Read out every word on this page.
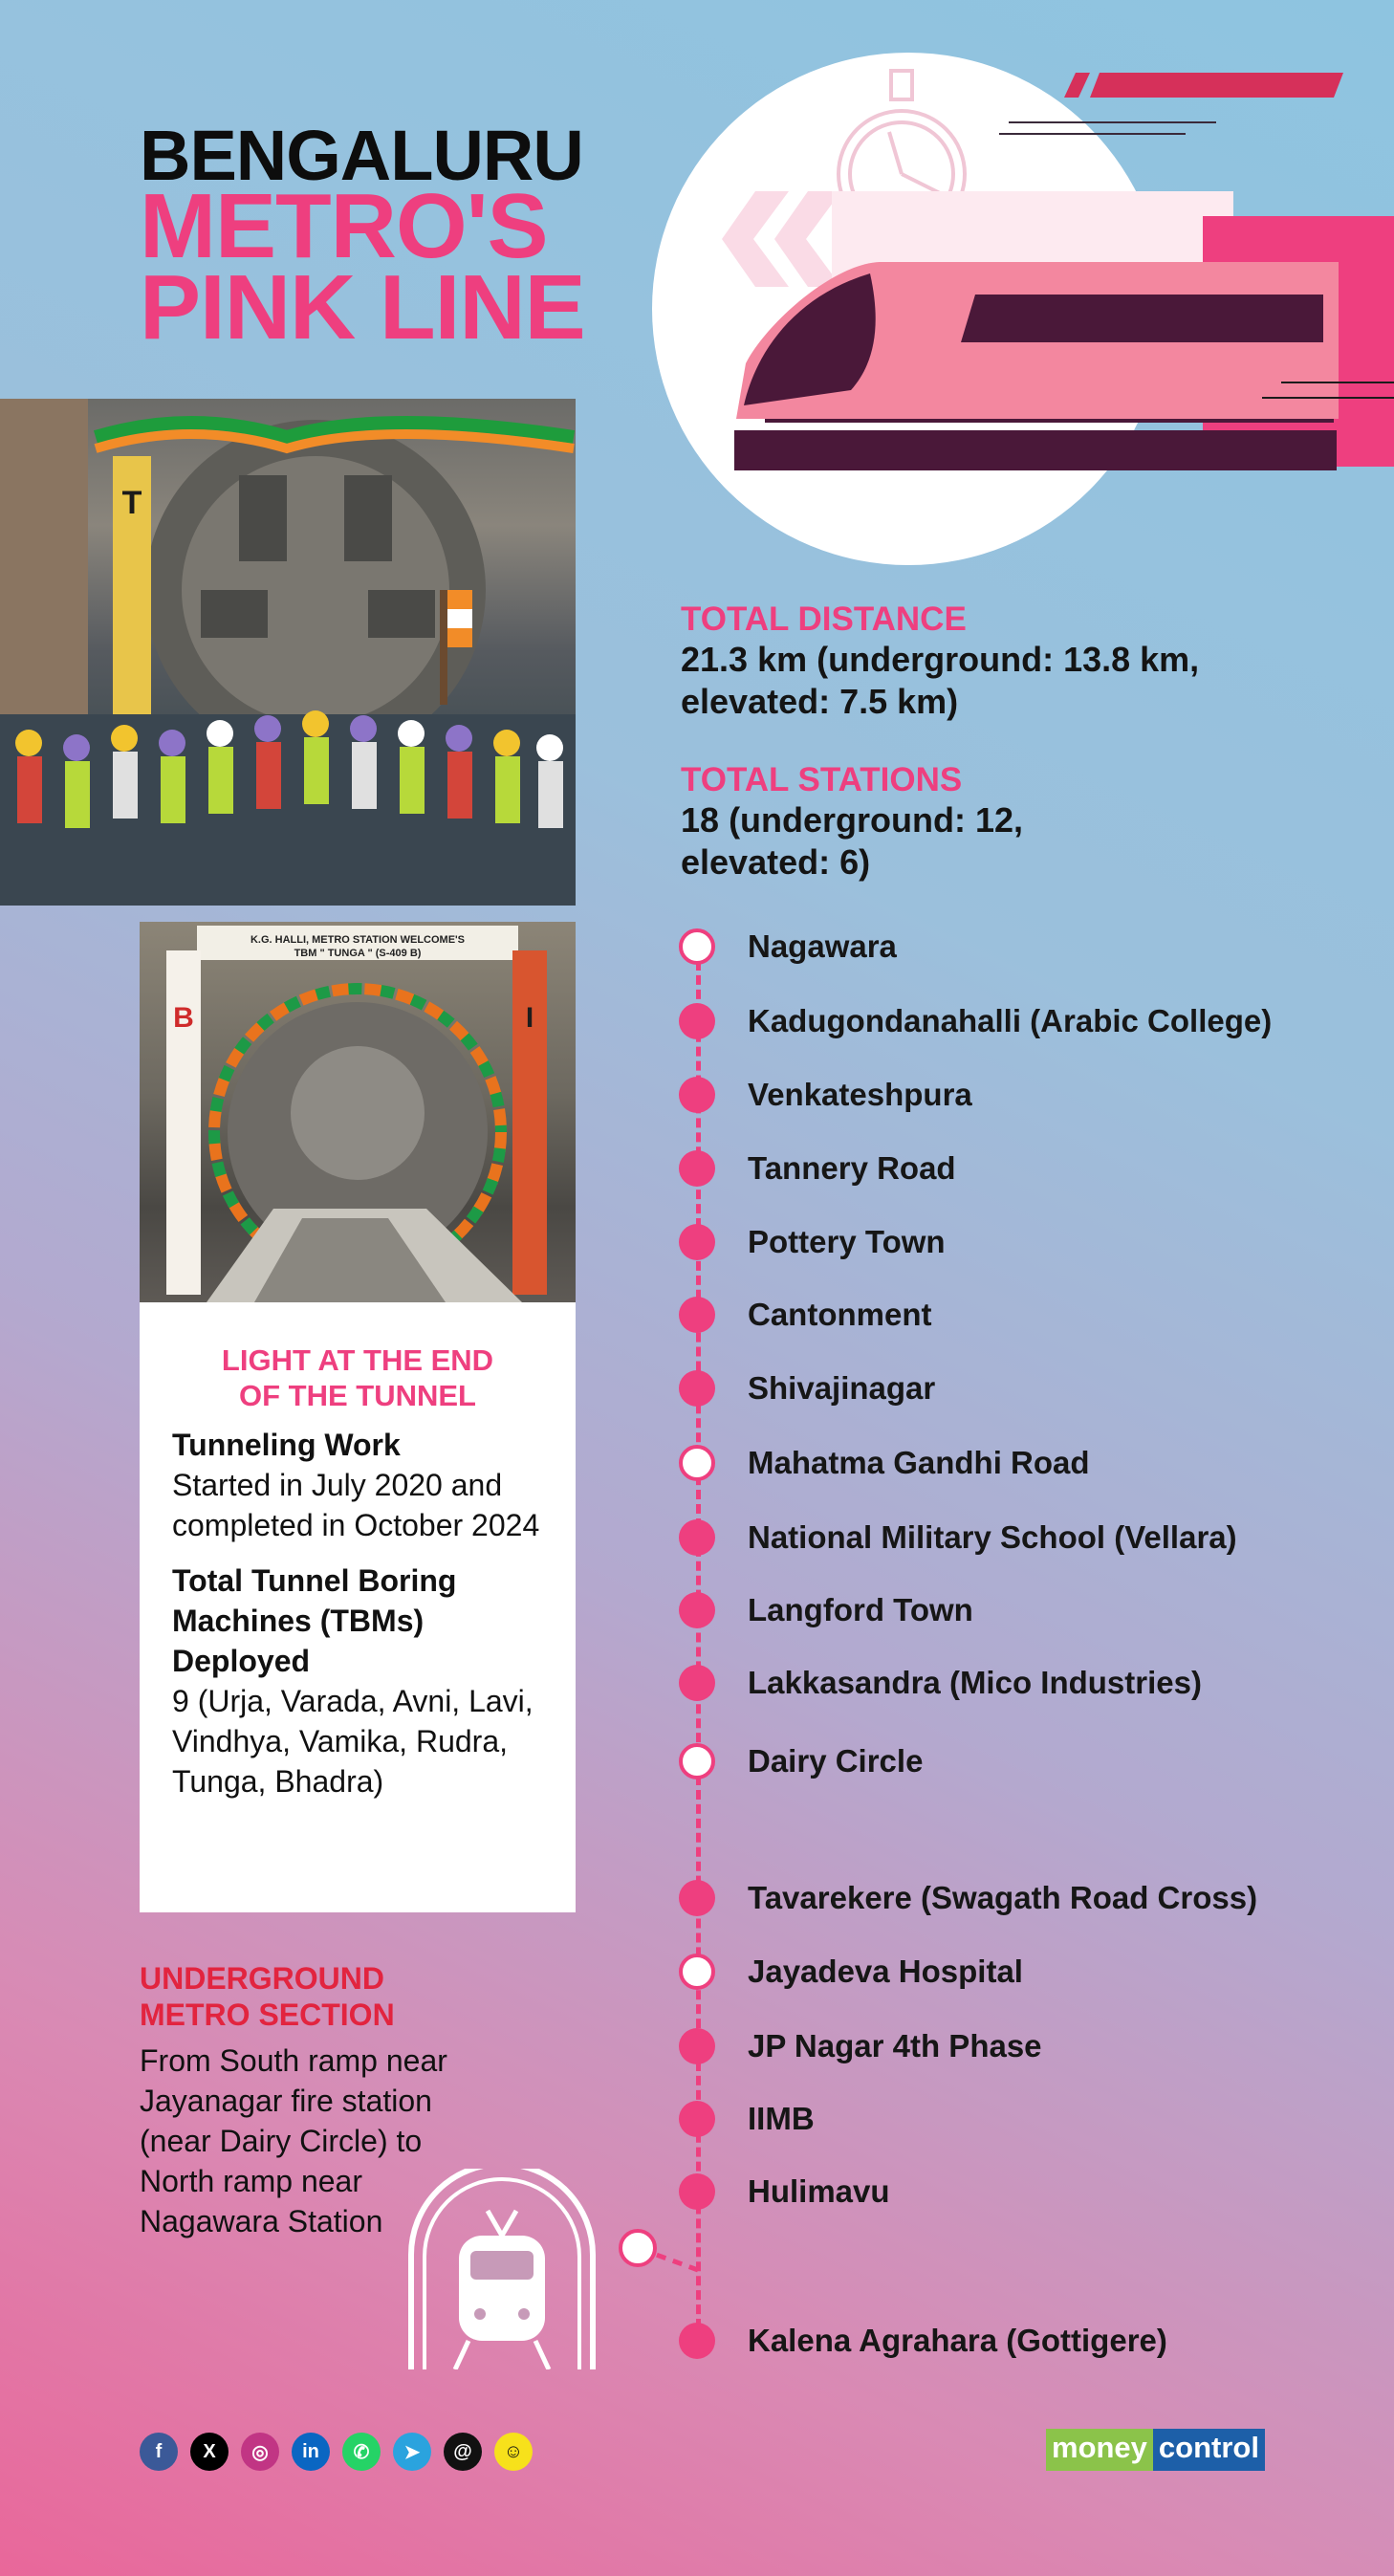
BENGALURU
METRO'S
PINK LINE
T
K.G. HALLI, METRO STATION WELCOME'S
TBM " TUNGA " (S-409 B)
B	I
LIGHT AT THE END
OF THE TUNNEL

Tunneling Work
Started in July 2020 and completed in October 2024

Total Tunnel Boring Machines (TBMs) Deployed
9 (Urja, Varada, Avni, Lavi, Vindhya, Vamika, Rudra, Tunga, Bhadra)

UNDERGROUND
METRO SECTION
From South ramp near Jayanagar fire station (near Dairy Circle) to North ramp near Nagawara Station
TOTAL DISTANCE
21.3 km (underground: 13.8 km, elevated: 7.5 km)
TOTAL STATIONS
18 (underground: 12, elevated: 6)
Nagawara
Kadugondanahalli (Arabic College)
Venkateshpura
Tannery Road
Pottery Town
Cantonment
Shivajinagar
Mahatma Gandhi Road
National Military School (Vellara)
Langford Town
Lakkasandra (Mico Industries)
Dairy Circle
Tavarekere (Swagath Road Cross)
Jayadeva Hospital
JP Nagar 4th Phase
IIMB
Hulimavu
Kalena Agrahara (Gottigere)
f	X	◎	in	✆	➤	@	☺	money control
